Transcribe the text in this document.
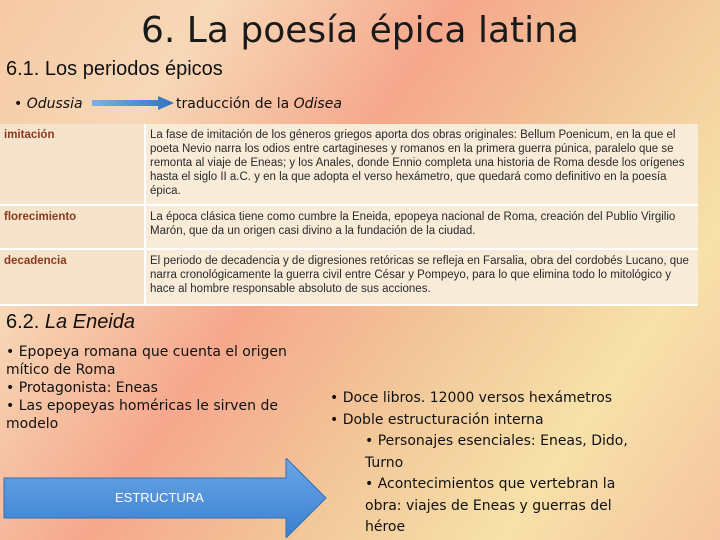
6. La poesía épica latina
6.1. Los periodos épicos
• Odussia	traducción de la Odisea
imitación	La fase de imitación de los géneros griegos aporta dos obras originales: Bellum Poenicum, en la que el poeta Nevio narra los odios entre cartagineses y romanos en la primera guerra púnica, paralelo que se remonta al viaje de Eneas; y los Anales, donde Ennio completa una historia de Roma desde los orígenes hasta el siglo II a.C. y en la que adopta el verso hexámetro, que quedará como definitivo en la poesía épica.
florecimiento	La época clásica tiene como cumbre la Eneida, epopeya nacional de Roma, creación del Publio Virgilio Marón, que da un origen casi divino a la fundación de la ciudad.
decadencia	El periodo de decadencia y de digresiones retóricas se refleja en Farsalia, obra del cordobés Lucano, que narra cronológicamente la guerra civil entre César y Pompeyo, para lo que elimina todo lo mitológico y hace al hombre responsable absoluto de sus acciones.
6.2. La Eneida
• Epopeya romana que cuenta el origen mítico de Roma
• Protagonista: Eneas
• Las epopeyas homéricas le sirven de modelo
ESTRUCTURA
• Doce libros. 12000 versos hexámetros
• Doble estructuración interna
• Personajes esenciales: Eneas, Dido, Turno
• Acontecimientos que vertebran la obra: viajes de Eneas y guerras del héroe
